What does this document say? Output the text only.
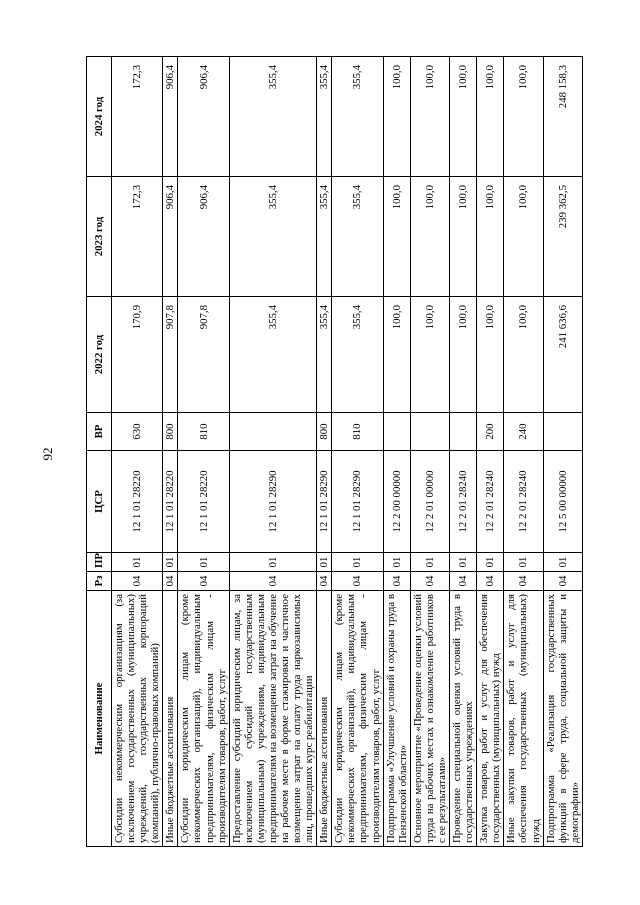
92
Наименование	Рз	ПР	ЦСР	ВР	2022 год	2023 год	2024 год
Субсидии некоммерческим организациям (за исключением государственных (муниципальных) учреждений, государственных корпораций (компаний), публично-правовых компаний)	04	01	12 1 01 28220	630	170,9	172,3	172,3
Иные бюджетные ассигнования	04	01	12 1 01 28220	800	907,8	906,4	906,4
Субсидии юридическим лицам (кроме некоммерческих организаций), индивидуальным предпринимателям, физическим лицам - производителям товаров, работ, услуг	04	01	12 1 01 28220	810	907,8	906,4	906,4
Предоставление субсидий юридическим лицам, за исключением субсидий государственным (муниципальным) учреждениям, индивидуальным предпринимателям на возмещение затрат на обучение на рабочем месте в форме стажировки и частичное возмещение затрат на оплату труда наркозависимых лиц, прошедших курс реабилитации	04	01	12 1 01 28290		355,4	355,4	355,4
Иные бюджетные ассигнования	04	01	12 1 01 28290	800	355,4	355,4	355,4
Субсидии юридическим лицам (кроме некоммерческих организаций), индивидуальным предпринимателям, физическим лицам - производителям товаров, работ, услуг	04	01	12 1 01 28290	810	355,4	355,4	355,4
Подпрограмма «Улучшение условий и охраны труда в Пензенской области»	04	01	12 2 00 00000		100,0	100,0	100,0
Основное мероприятие «Проведение оценки условий труда на рабочих местах и ознакомление работников с ее результатами»	04	01	12 2 01 00000		100,0	100,0	100,0
Проведение специальной оценки условий труда в государственных учреждениях	04	01	12 2 01 28240		100,0	100,0	100,0
Закупка товаров, работ и услуг для обеспечения государственных (муниципальных) нужд	04	01	12 2 01 28240	200	100,0	100,0	100,0
Иные закупки товаров, работ и услуг для обеспечения государственных (муниципальных) нужд	04	01	12 2 01 28240	240	100,0	100,0	100,0
Подпрограмма «Реализация государственных функций в сфере труда, социальной защиты и демографии»	04	01	12 5 00 00000		241 636,6	239 362,5	248 158,3
